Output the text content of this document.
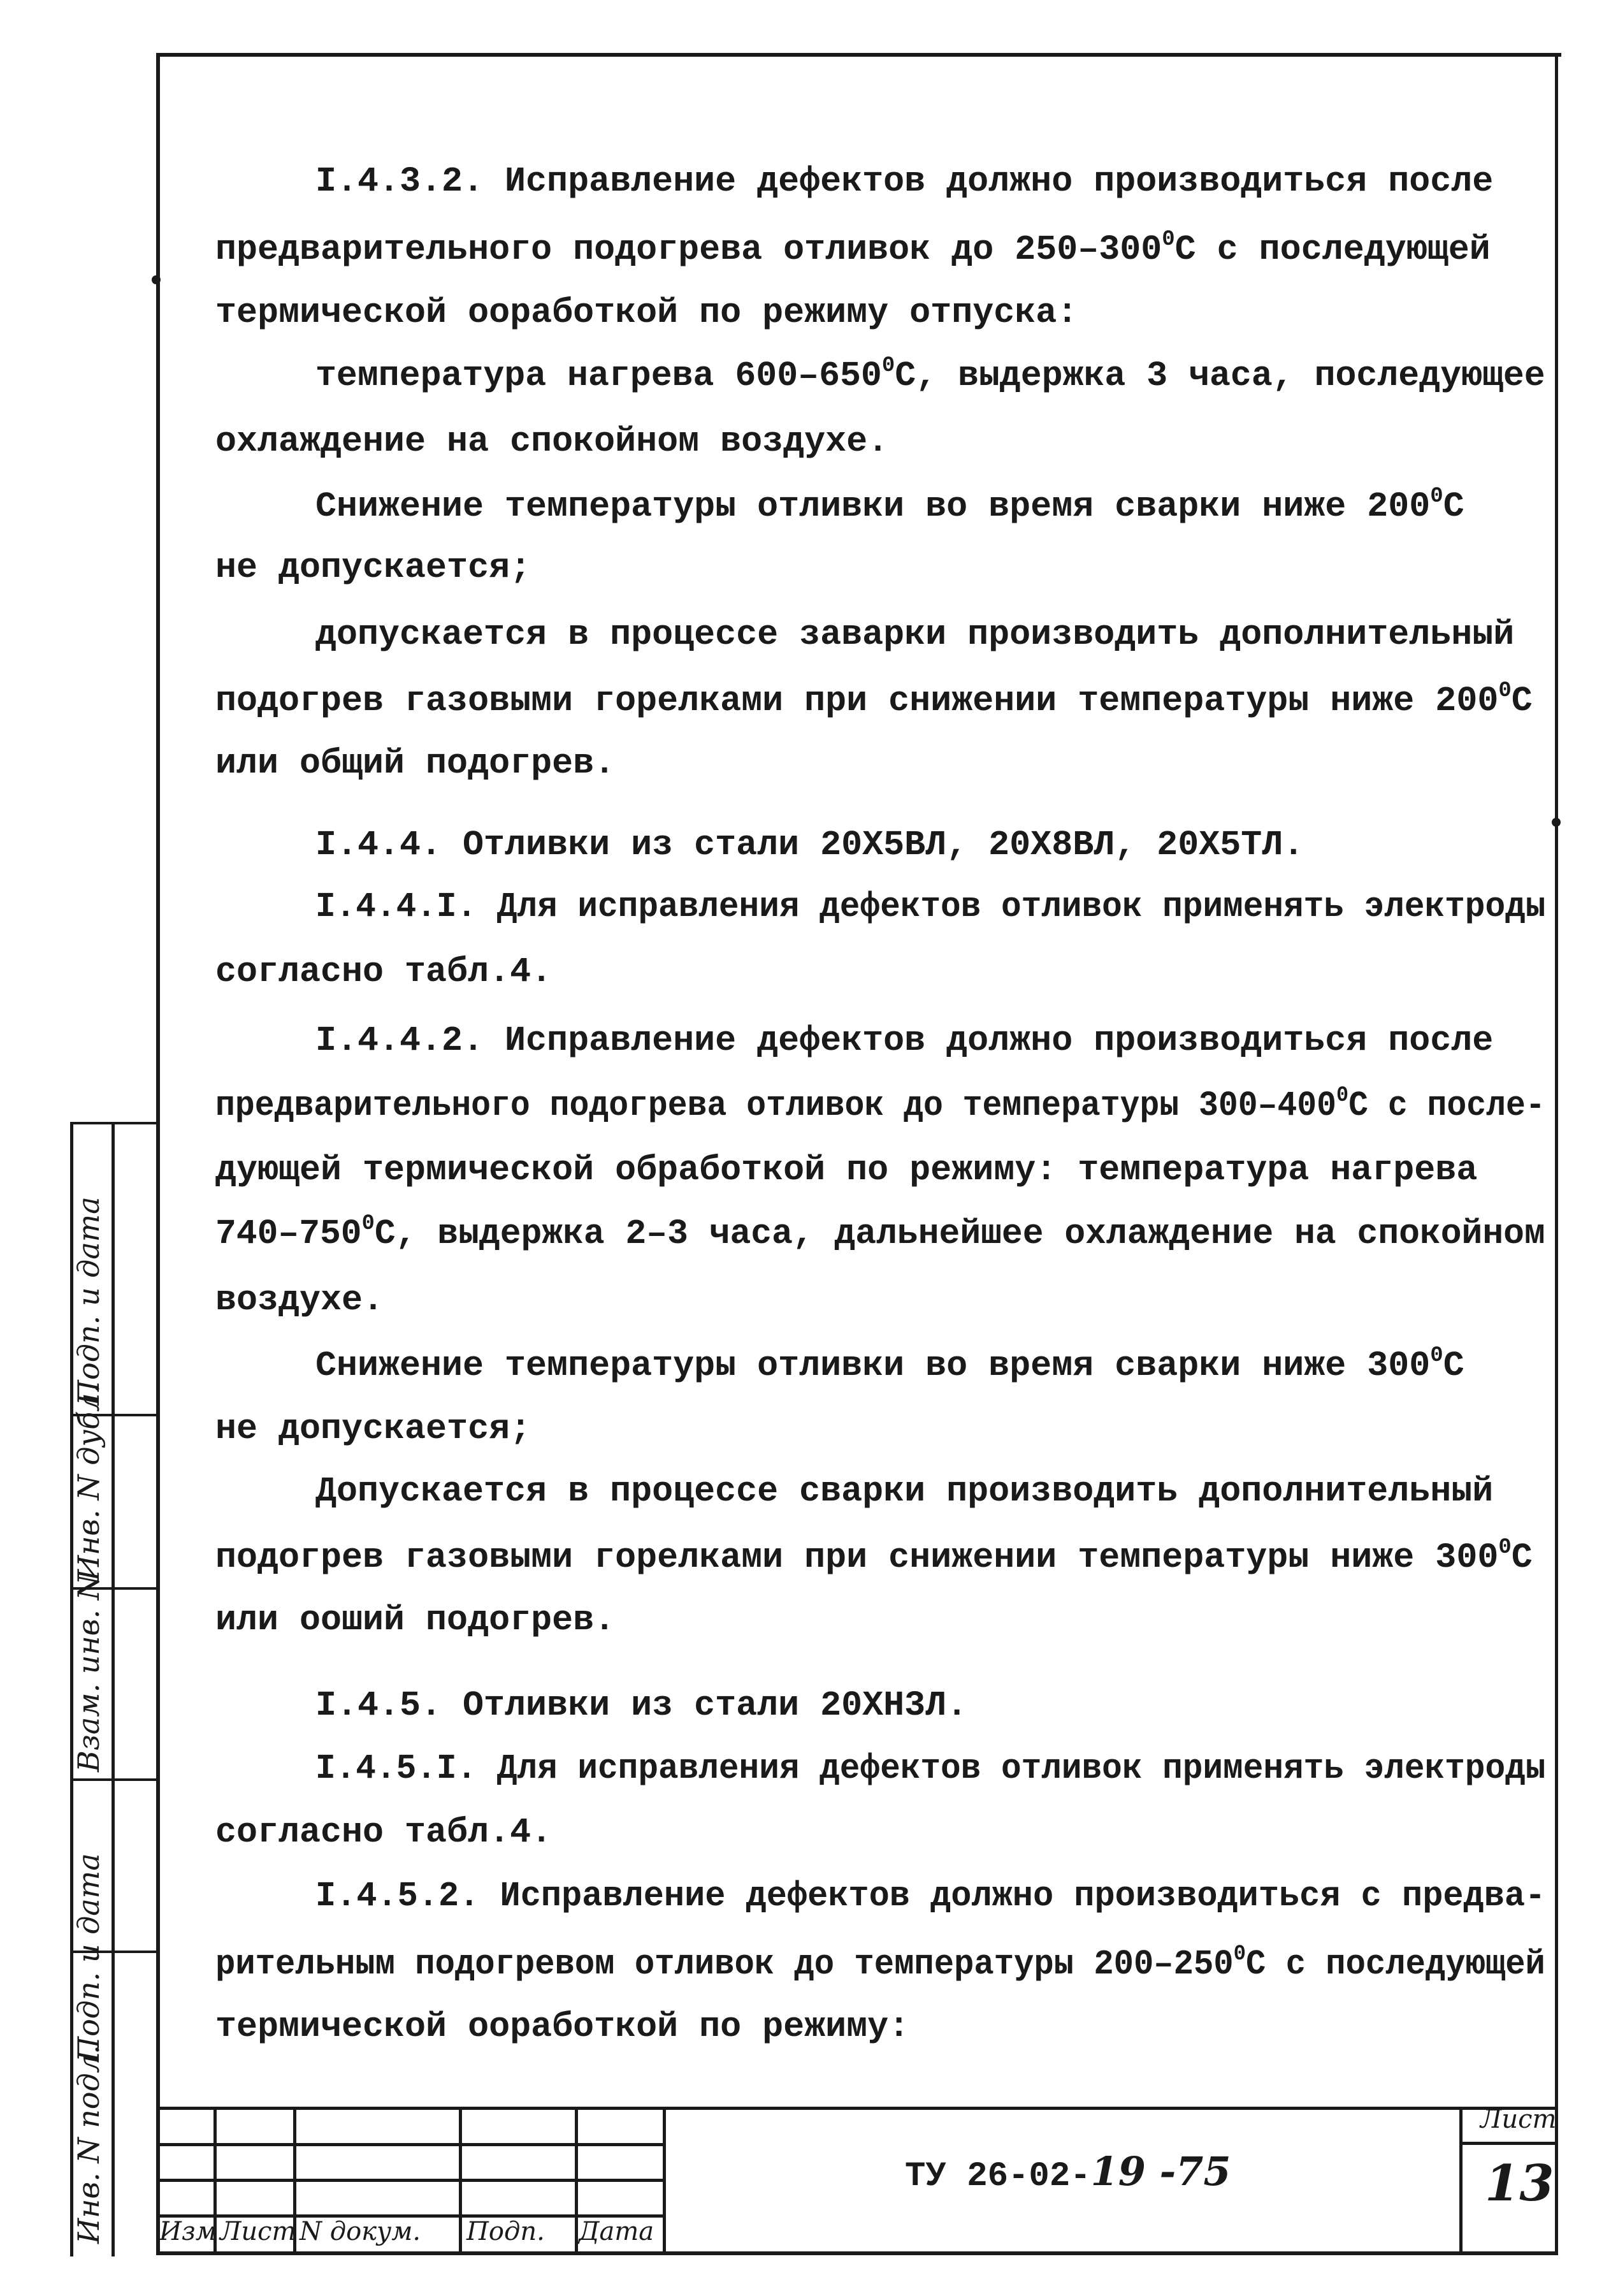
I.4.3.2. Исправление дефектов должно производиться после
предварительного подогрева отливок до $250-300^0С$ с последующей
термической ооработкой по режиму отпуска:
температура нагрева $600-650^0С$, выдержка 3 часа, последующее
охлаждение на спокойном воздухе.
Снижение температуры отливки во время сварки ниже $200^0С$
не допускается;
допускается в процессе заварки производить дополнительный
подогрев газовыми горелками при снижении температуры ниже $200^0С$
или общий подогрев.
I.4.4. Отливки из стали 20Х5ВЛ, 20Х8ВЛ, 20Х5ТЛ.
I.4.4.I. Для исправления дефектов отливок применять электроды
согласно табл.4.
I.4.4.2. Исправление дефектов должно производиться после
предварительного подогрева отливок до температуры $300-400^0С$ с после-
дующей термической обработкой по режиму: температура нагрева
$740-750^0С$, выдержка 2–3 часа, дальнейшее охлаждение на спокойном
воздухе.
Снижение температуры отливки во время сварки ниже $300^0С$
не допускается;
Допускается в процессе сварки производить дополнительный
подогрев газовыми горелками при снижении температуры ниже $300^0С$
или ооший подогрев.
I.4.5. Отливки из стали 20ХН3Л.
I.4.5.I. Для исправления дефектов отливок применять электроды
согласно табл.4.
I.4.5.2. Исправление дефектов должно производиться с предва-
рительным подогревом отливок до температуры $200-250^0С$ с последующей
термической ооработкой по режиму:
Изм Лист N докум. Подп. Дата
ТУ 26-02-19 -75
Лист
13
Инв. N подл.
Подп. и дата
Взам. инв. N
Инв. N дубл.
Подп. и дата
